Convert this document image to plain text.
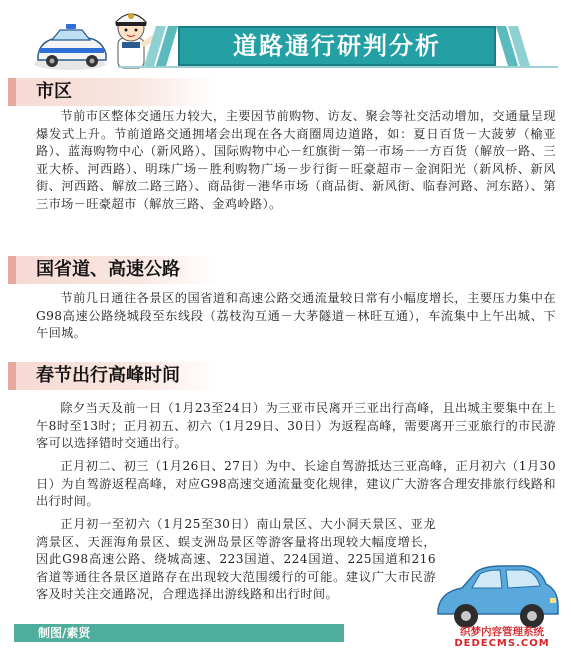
道路通行研判分析
市区
节前市区整体交通压力较大，主要因节前购物、访友、聚会等社交活动增加，交通量呈现爆发式上升。节前道路交通拥堵会出现在各大商圈周边道路，如：夏日百货－大菠萝（榆亚路）、蓝海购物中心（新风路）、国际购物中心－红旗街－第一市场－一方百货（解放一路、三亚大桥、河西路）、明珠广场－胜利购物广场－步行街－旺豪超市－金润阳光（新风桥、新风街、河西路、解放二路三路）、商品街－港华市场（商品街、新风街、临春河路、河东路）、第三市场－旺豪超市（解放三路、金鸡岭路）。
国省道、高速公路
节前几日通往各景区的国省道和高速公路交通流量较日常有小幅度增长，主要压力集中在G98高速公路绕城段至东线段（荔枝沟互通－大茅隧道－林旺互通），车流集中上午出城、下午回城。
春节出行高峰时间
除夕当天及前一日（1月23至24日）为三亚市民离开三亚出行高峰，且出城主要集中在上午8时至13时；正月初五、初六（1月29日、30日）为返程高峰，需要离开三亚旅行的市民游客可以选择错时交通出行。
正月初二、初三（1月26日、27日）为中、长途自驾游抵达三亚高峰，正月初六（1月30日）为自驾游返程高峰，对应G98高速交通流量变化规律，建议广大游客合理安排旅行线路和出行时间。
正月初一至初六（1月25至30日）南山景区、大小洞天景区、亚龙湾景区、天涯海角景区、蜈支洲岛景区等游客量将出现较大幅度增长，因此G98高速公路、绕城高速、223国道、224国道、225国道和216省道等通往各景区道路存在出现较大范围缓行的可能。建议广大市民游客及时关注交通路况，合理选择出游线路和出行时间。
制图/素贤	织梦内容管理系统
DEDECMS.COM
